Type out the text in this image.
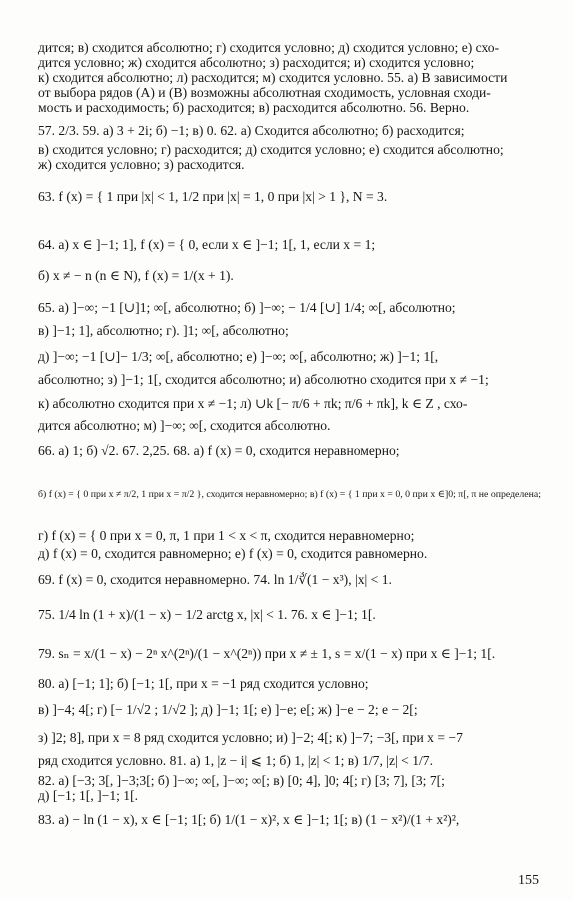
дится; в) сходится абсолютно; г) сходится условно; д) сходится условно; е) схо-
дится условно; ж) сходится абсолютно; з) расходится; и) сходится условно;
к) сходится абсолютно; л) расходится; м) сходится условно. 55. а) В зависимости
от выбора рядов (А) и (В) возможны абсолютная сходимость, условная сходи-
мость и расходимость; б) расходится; в) расходится абсолютно. 56. Верно.
57. 2/3. 59. а) 3 + 2i; б) −1; в) 0. 62. а) Сходится абсолютно; б) расходится;
в) сходится условно; г) расходится; д) сходится условно; е) сходится абсолютно;
ж) сходится условно; з) расходится.
63. f (x) = { 1 при |x| < 1, 1/2 при |x| = 1, 0 при |x| > 1 }, N = 3.
64. а) x ∈ ]−1; 1], f (x) = { 0, если x ∈ ]−1; 1[, 1, если x = 1;
б) x ≠ − n (n ∈ N), f (x) = 1/(x + 1).
65. а) ]−∞; −1 [∪]1; ∞[, абсолютно; б) ]−∞; − 1/4 [∪] 1/4; ∞[, абсолютно;
в) ]−1; 1], абсолютно; г). ]1; ∞[, абсолютно;
д) ]−∞; −1 [∪]− 1/3; ∞[, абсолютно; е) ]−∞; ∞[, абсолютно; ж) ]−1; 1[,
абсолютно; з) ]−1; 1[, сходится абсолютно; и) абсолютно сходится при x ≠ −1;
к) абсолютно сходится при x ≠ −1; л) ∪k [− π/6 + πk; π/6 + πk], k ∈ Z , схо-
дится абсолютно; м) ]−∞; ∞[, сходится абсолютно.
66. а) 1; б) √2. 67. 2,25. 68. а) f (x) = 0, сходится неравномерно;
б) f (x) = { 0 при x ≠ π/2, 1 при x = π/2 }, сходится неравномерно; в) f (x) = { 1 при x = 0, 0 при x ∈]0; π[, π не определена;
г) f (x) = { 0 при x = 0, π, 1 при 1 < x < π, сходится неравномерно;
д) f (x) = 0, сходится равномерно; е) f (x) = 0, сходится равномерно.
69. f (x) = 0, сходится неравномерно. 74. ln 1/∛(1 − x³), |x| < 1.
75. 1/4 ln (1 + x)/(1 − x) − 1/2 arctg x, |x| < 1. 76. x ∈ ]−1; 1[.
79. sₙ = x/(1 − x) − 2ⁿ x^(2ⁿ)/(1 − x^(2ⁿ)) при x ≠ ± 1, s = x/(1 − x) при x ∈ ]−1; 1[.
80. а) [−1; 1]; б) [−1; 1[, при x = −1 ряд сходится условно;
в) ]−4; 4[; г) [− 1/√2 ; 1/√2 ]; д) ]−1; 1[; е) ]−e; e[; ж) ]−e − 2; e − 2[;
з) ]2; 8], при x = 8 ряд сходится условно; и) ]−2; 4[; к) ]−7; −3[, при x = −7
ряд сходится условно. 81. а) 1, |z − i| ⩽ 1; б) 1, |z| < 1; в) 1/7, |z| < 1/7.
82. а) [−3; 3[, ]−3;3[; б) ]−∞; ∞[, ]−∞; ∞[; в) [0; 4], ]0; 4[; г) [3; 7], [3; 7[;
д) [−1; 1[, ]−1; 1[.
83. а) − ln (1 − x), x ∈ [−1; 1[; б) 1/(1 − x)², x ∈ ]−1; 1[; в) (1 − x²)/(1 + x²)²,
155
